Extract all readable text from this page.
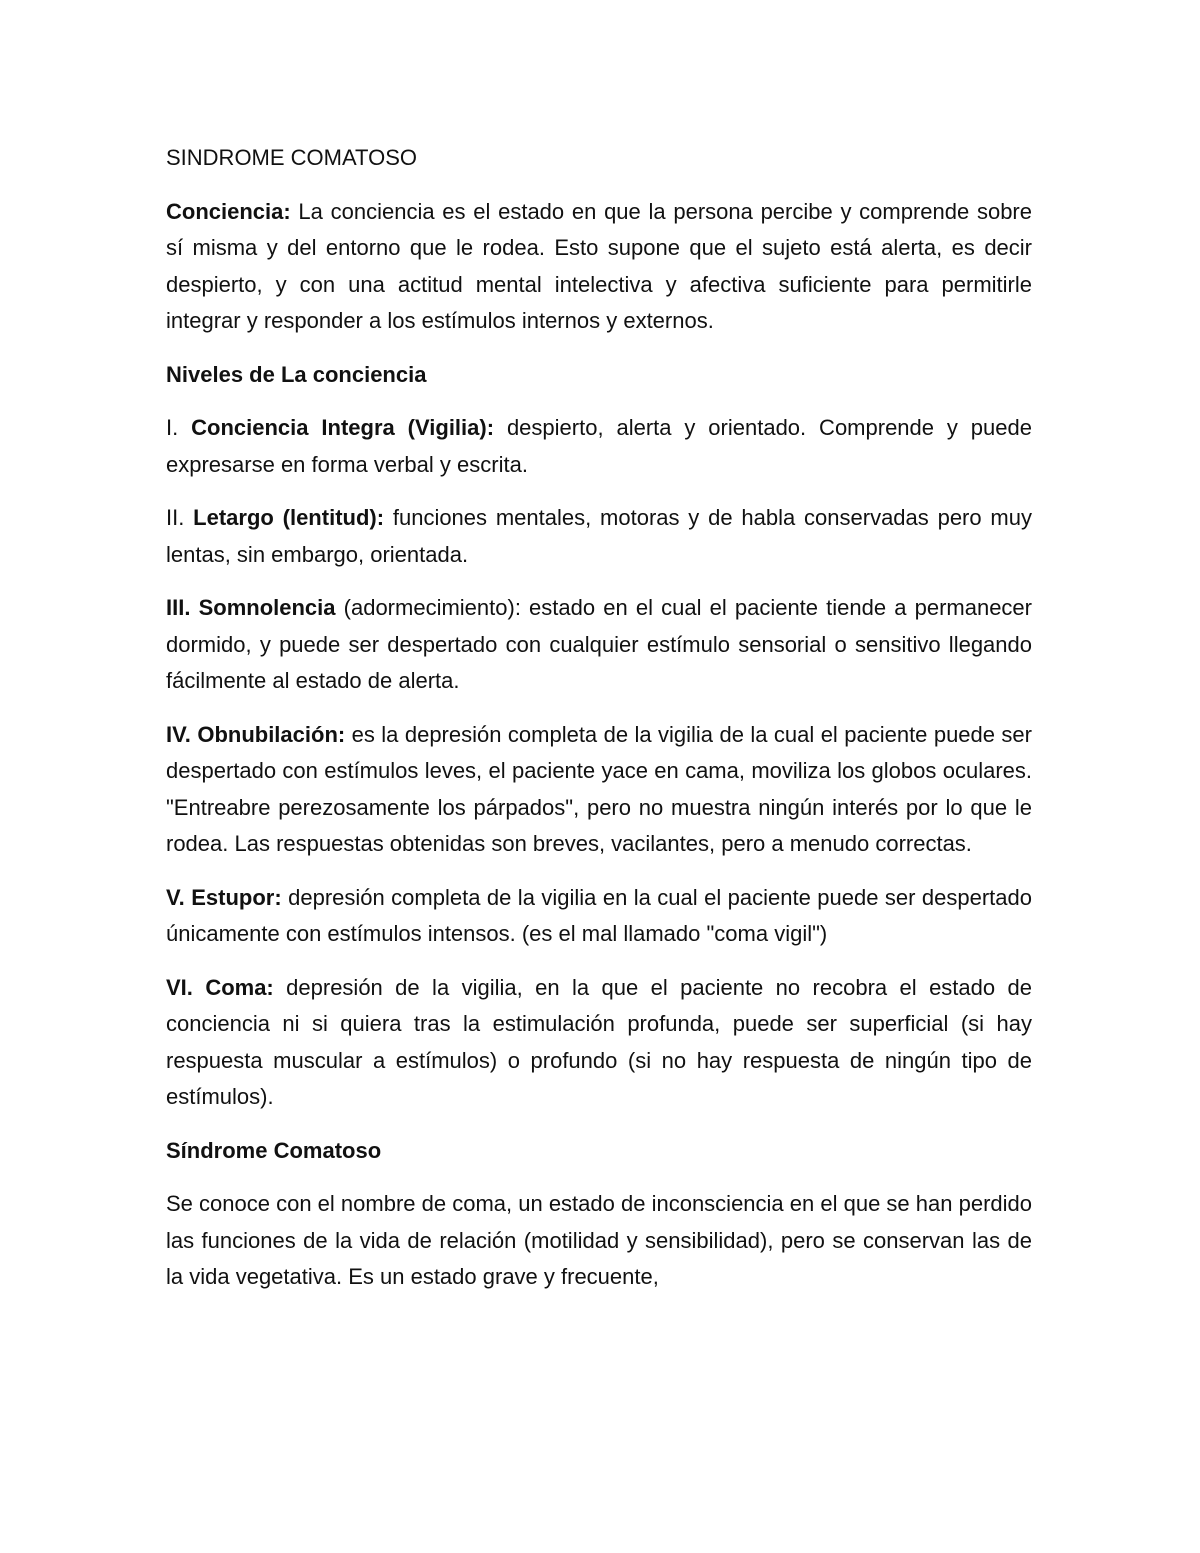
SINDROME COMATOSO

Conciencia: La conciencia es el estado en que la persona percibe y comprende sobre sí misma y del entorno que le rodea. Esto supone que el sujeto está alerta, es decir despierto, y con una actitud mental intelectiva y afectiva suficiente para permitirle integrar y responder a los estímulos internos y externos.

Niveles de La conciencia

I. Conciencia Integra (Vigilia): despierto, alerta y orientado. Comprende y puede expresarse en forma verbal y escrita.

II. Letargo (lentitud): funciones mentales, motoras y de habla conservadas pero muy lentas, sin embargo, orientada.

III. Somnolencia (adormecimiento): estado en el cual el paciente tiende a permanecer dormido, y puede ser despertado con cualquier estímulo sensorial o sensitivo llegando fácilmente al estado de alerta.

IV. Obnubilación: es la depresión completa de la vigilia de la cual el paciente puede ser despertado con estímulos leves, el paciente yace en cama, moviliza los globos oculares. "Entreabre perezosamente los párpados", pero no muestra ningún interés por lo que le rodea. Las respuestas obtenidas son breves, vacilantes, pero a menudo correctas.

V. Estupor: depresión completa de la vigilia en la cual el paciente puede ser despertado únicamente con estímulos intensos. (es el mal llamado "coma vigil")

VI. Coma: depresión de la vigilia, en la que el paciente no recobra el estado de conciencia ni si quiera tras la estimulación profunda, puede ser superficial (si hay respuesta muscular a estímulos) o profundo (si no hay respuesta de ningún tipo de estímulos).

Síndrome Comatoso

Se conoce con el nombre de coma, un estado de inconsciencia en el que se han perdido las funciones de la vida de relación (motilidad y sensibilidad), pero se conservan las de la vida vegetativa. Es un estado grave y frecuente,
